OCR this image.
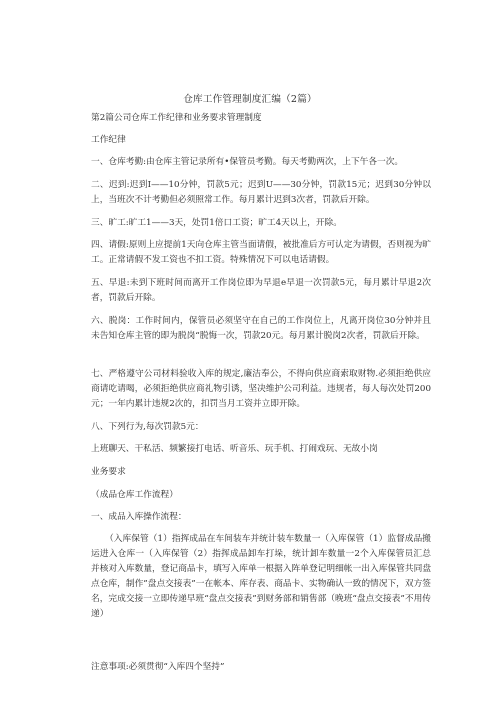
仓库工作管理制度汇编（2篇）

第2篇公司仓库工作纪律和业务要求管理制度

工作纪律

一、仓库考勤:由仓库主管记录所有•保管员考勤。每天考勤两次，上下午各一次。

二、迟到:迟到I——10分钟，罚款5元；迟到U——30分钟，罚款15元；迟到30分钟以上，当班次不计考勤但必须照常工作。每月累计迟到3次者，罚款后开除。

三、旷工:旷工1——3天，处罚1倍口工资；旷工4天以上，开除。

四、请假:原则上应提前1天向仓库主管当面请假，被批准后方可认定为请假，否则视为旷工。正常请假不发工资也不扣工资。特殊情况下可以电话请假。

五、早退:未到下班时间而离开工作岗位即为早退e早退一次罚款5元，每月累计早退2次者，罚款后开除。

六、脱岗：工作时间内，保管员必须坚守在自己的工作岗位上，凡离开岗位30分钟并且未告知仓库主管的即为脱岗“脱悔一次，罚款20元。每月累计脱岗2次者，罚款后开除。

七、严格遵守公司材料验收入库的规定,廉洁奉公，不得向供应商索取财物.必须拒绝供应商请吃请喝，必须拒绝供应商礼物引诱，坚决维护公司利益。违规者，每人每次处罚200元；一年内累计违规2次的，扣罚当月工资并立即开除。

八、下列行为,每次罚款5元：

上班聊天、干私活、频繁接打电话、听音乐、玩手机、打闹戏玩、无故小岗

业务要求

（成品仓库工作流程）

一、成品入库操作流程：

（入库保管（1）指挥成品在车间装车并统计装车数量一（入库保管（1）监督成品搬运进入仓库一（入库保管（2）指挥成品卸车打垛，统计卸车数量一2个入库保管员汇总并核对入库数量，登记商品卡，填写入库单一根据入阵单登记明细帐一出入库保管共同盘点仓库，制作”盘点交接表”一在帐本、库存表、商品卡、实物确认一致的情况下，双方签名，完成交接一立即传递早班“盘点交接表”到财务部和销售部（晚班“盘点交接表”不用传递）

注意事项:必须贯彻“入库四个坚持”
